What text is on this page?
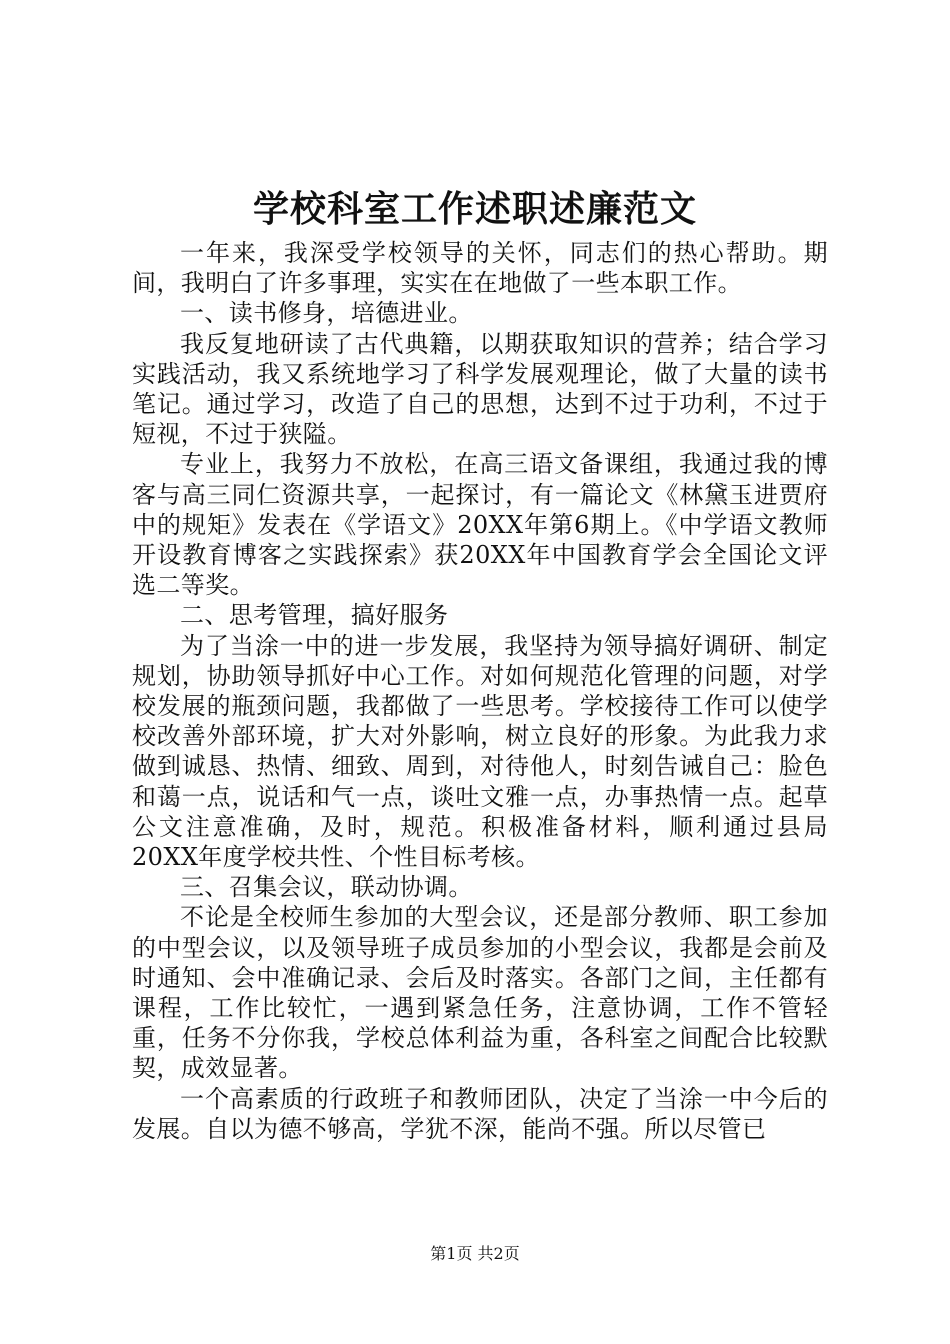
学校科室工作述职述廉范文

一年来，我深受学校领导的关怀，同志们的热心帮助。期间，我明白了许多事理，实实在在地做了一些本职工作。

一、读书修身，培德进业。

我反复地研读了古代典籍，以期获取知识的营养；结合学习实践活动，我又系统地学习了科学发展观理论，做了大量的读书笔记。通过学习，改造了自己的思想，达到不过于功利，不过于短视，不过于狭隘。

专业上，我努力不放松，在高三语文备课组，我通过我的博客与高三同仁资源共享，一起探讨，有一篇论文《林黛玉进贾府中的规矩》发表在《学语文》20XX年第6期上。《中学语文教师开设教育博客之实践探索》获20XX年中国教育学会全国论文评选二等奖。

二、思考管理，搞好服务

为了当涂一中的进一步发展，我坚持为领导搞好调研、制定规划，协助领导抓好中心工作。对如何规范化管理的问题，对学校发展的瓶颈问题，我都做了一些思考。学校接待工作可以使学校改善外部环境，扩大对外影响，树立良好的形象。为此我力求做到诚恳、热情、细致、周到，对待他人，时刻告诫自己：脸色和蔼一点，说话和气一点，谈吐文雅一点，办事热情一点。起草公文注意准确，及时，规范。积极准备材料，顺利通过县局20XX年度学校共性、个性目标考核。

三、召集会议，联动协调。

不论是全校师生参加的大型会议，还是部分教师、职工参加的中型会议，以及领导班子成员参加的小型会议，我都是会前及时通知、会中准确记录、会后及时落实。各部门之间，主任都有课程，工作比较忙，一遇到紧急任务，注意协调，工作不管轻重，任务不分你我，学校总体利益为重，各科室之间配合比较默契，成效显著。

一个高素质的行政班子和教师团队，决定了当涂一中今后的发展。自以为德不够高，学犹不深，能尚不强。所以尽管已

第1页 共2页
